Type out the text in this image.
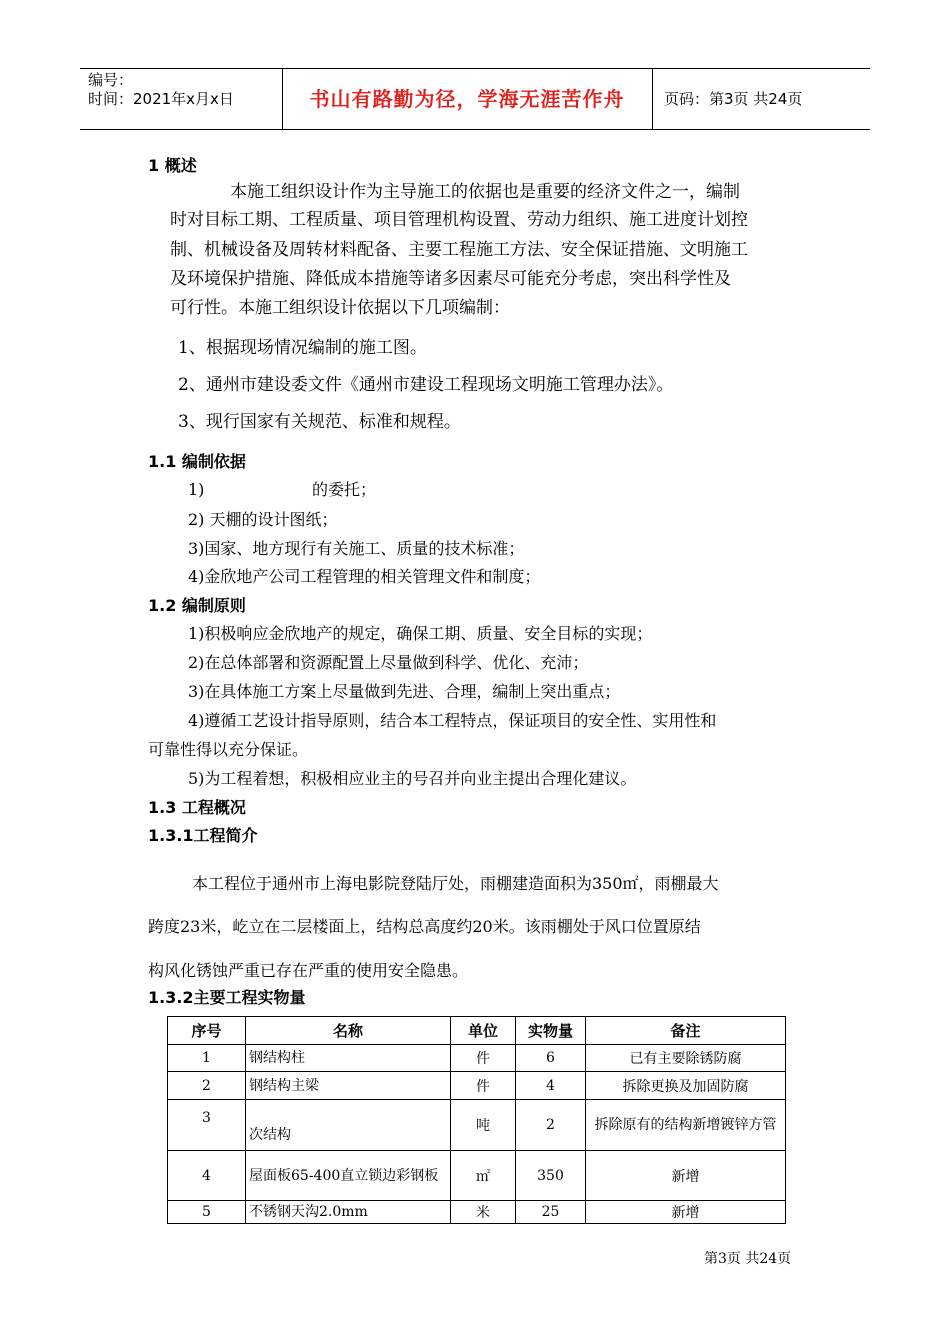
编号：
时间：2021年x月x日	书山有路勤为径，学海无涯苦作舟	页码：第3页 共24页
1 概述
本施工组织设计作为主导施工的依据也是重要的经济文件之一，编制
时对目标工期、工程质量、项目管理机构设置、劳动力组织、施工进度计划控
制、机械设备及周转材料配备、主要工程施工方法、安全保证措施、文明施工
及环境保护措施、降低成本措施等诸多因素尽可能充分考虑，突出科学性及
可行性。本施工组织设计依据以下几项编制：
1、根据现场情况编制的施工图。
2、通州市建设委文件《通州市建设工程现场文明施工管理办法》。
3、现行国家有关规范、标准和规程。
1.1 编制依据
1)	的委托；
2) 天棚的设计图纸；
3)国家、地方现行有关施工、质量的技术标准；
4)金欣地产公司工程管理的相关管理文件和制度；
1.2 编制原则
1)积极响应金欣地产的规定，确保工期、质量、安全目标的实现；
2)在总体部署和资源配置上尽量做到科学、优化、充沛；
3)在具体施工方案上尽量做到先进、合理，编制上突出重点；
4)遵循工艺设计指导原则，结合本工程特点，保证项目的安全性、实用性和
可靠性得以充分保证。
5)为工程着想，积极相应业主的号召并向业主提出合理化建议。
1.3 工程概况
1.3.1工程简介
本工程位于通州市上海电影院登陆厅处，雨棚建造面积为350㎡，雨棚最大
跨度23米，屹立在二层楼面上，结构总高度约20米。该雨棚处于风口位置原结
构风化锈蚀严重已存在严重的使用安全隐患。
1.3.2主要工程实物量
序号	名称	单位	实物量	备注
1	钢结构柱	件	6	已有主要除锈防腐
2	钢结构主梁	件	4	拆除更换及加固防腐
3	次结构	吨	2	拆除原有的结构新增镀锌方管
4	屋面板65-400直立锁边彩钢板	㎡	350	新增
5	不锈钢天沟2.0mm	米	25	新增
第3页 共24页
